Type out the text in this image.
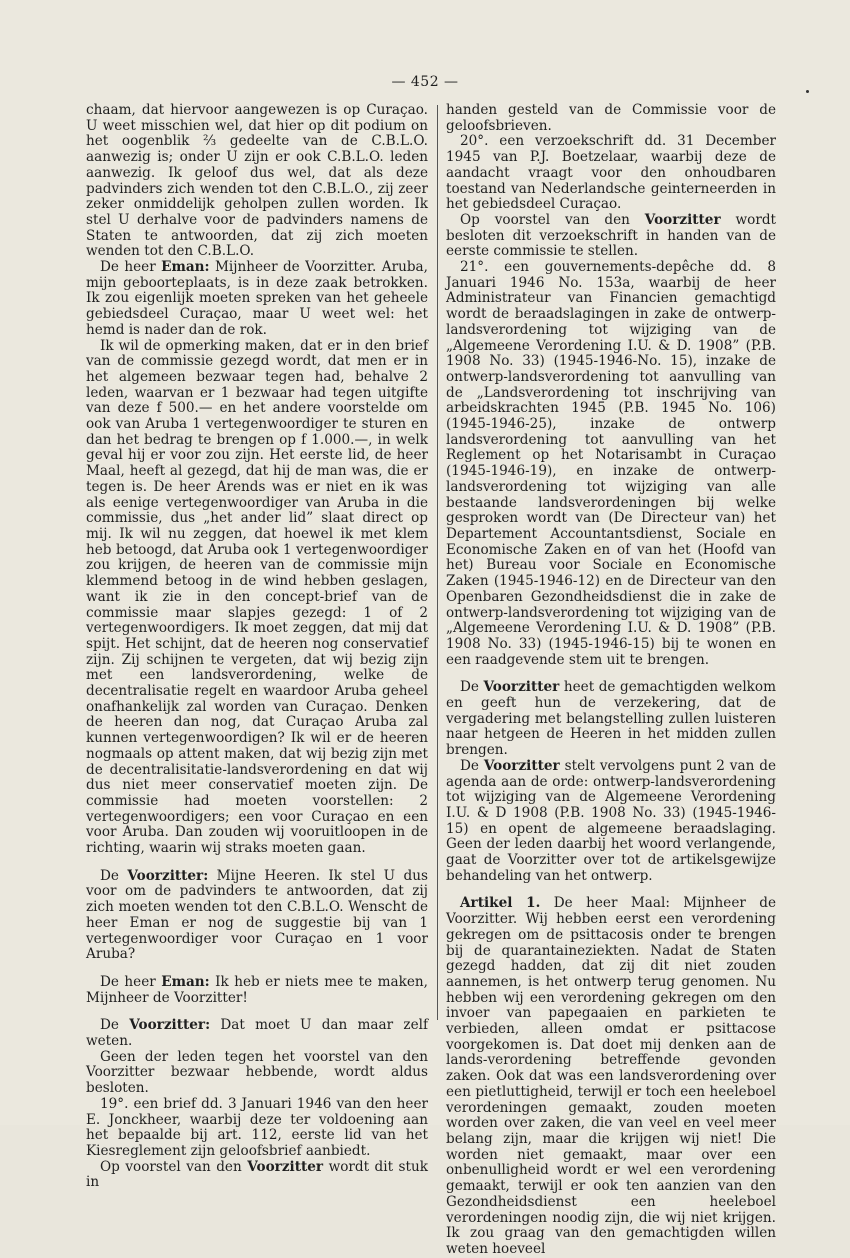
— 452 —

chaam, dat hiervoor aangewezen is op Curaçao. U weet misschien wel, dat hier op dit podium on het oogenblik ⅔ gedeelte van de C.B.L.O. aanwezig is; onder U zijn er ook C.B.L.O. leden aanwezig. Ik geloof dus wel, dat als deze padvinders zich wenden tot den C.B.L.O., zij zeer zeker onmiddelijk geholpen zullen worden. Ik stel U derhalve voor de padvinders namens de Staten te antwoorden, dat zij zich moeten wenden tot den C.B.L.O.

De heer Eman: Mijnheer de Voorzitter. Aruba, mijn geboorteplaats, is in deze zaak betrokken. Ik zou eigenlijk moeten spreken van het geheele gebiedsdeel Curaçao, maar U weet wel: het hemd is nader dan de rok.

Ik wil de opmerking maken, dat er in den brief van de commissie gezegd wordt, dat men er in het algemeen bezwaar tegen had, behalve 2 leden, waarvan er 1 bezwaar had tegen uitgifte van deze f 500.— en het andere voorstelde om ook van Aruba 1 vertegenwoordiger te sturen en dan het bedrag te brengen op f 1.000.—, in welk geval hij er voor zou zijn. Het eerste lid, de heer Maal, heeft al gezegd, dat hij de man was, die er tegen is. De heer Arends was er niet en ik was als eenige vertegenwoordiger van Aruba in die commissie, dus „het ander lid” slaat direct op mij. Ik wil nu zeggen, dat hoewel ik met klem heb betoogd, dat Aruba ook 1 vertegenwoordiger zou krijgen, de heeren van de commissie mijn klemmend betoog in de wind hebben geslagen, want ik zie in den concept-brief van de commissie maar slapjes gezegd: 1 of 2 vertegenwoordigers. Ik moet zeggen, dat mij dat spijt. Het schijnt, dat de heeren nog conservatief zijn. Zij schijnen te vergeten, dat wij bezig zijn met een landsverordening, welke de decentralisatie regelt en waardoor Aruba geheel onafhankelijk zal worden van Curaçao. Denken de heeren dan nog, dat Curaçao Aruba zal kunnen vertegenwoordigen? Ik wil er de heeren nogmaals op attent maken, dat wij bezig zijn met de decentralisitatie-landsverordening en dat wij dus niet meer conservatief moeten zijn. De commissie had moeten voorstellen: 2 vertegenwoordigers; een voor Curaçao en een voor Aruba. Dan zouden wij vooruitloopen in de richting, waarin wij straks moeten gaan.

De Voorzitter: Mijne Heeren. Ik stel U dus voor om de padvinders te antwoorden, dat zij zich moeten wenden tot den C.B.L.O. Wenscht de heer Eman er nog de suggestie bij van 1 vertegenwoordiger voor Curaçao en 1 voor Aruba?

De heer Eman: Ik heb er niets mee te maken, Mijnheer de Voorzitter!

De Voorzitter: Dat moet U dan maar zelf weten.

Geen der leden tegen het voorstel van den Voorzitter bezwaar hebbende, wordt aldus besloten.

19°. een brief dd. 3 Januari 1946 van den heer E. Jonckheer, waarbij deze ter voldoening aan het bepaalde bij art. 112, eerste lid van het Kiesreglement zijn geloofsbrief aanbiedt.

Op voorstel van den Voorzitter wordt dit stuk in

handen gesteld van de Commissie voor de geloofsbrieven.

20°. een verzoekschrift dd. 31 December 1945 van P.J. Boetzelaar, waarbij deze de aandacht vraagt voor den onhoudbaren toestand van Nederlandsche geinterneerden in het gebiedsdeel Curaçao.

Op voorstel van den Voorzitter wordt besloten dit verzoekschrift in handen van de eerste commissie te stellen.

21°. een gouvernements-depêche dd. 8 Januari 1946 No. 153a, waarbij de heer Administrateur van Financien gemachtigd wordt de beraadslagingen in zake de ontwerp-landsverordening tot wijziging van de „Algemeene Verordening I.U. & D. 1908” (P.B. 1908 No. 33) (1945-1946-No. 15), inzake de ontwerp-landsverordening tot aanvulling van de „Landsverordening tot inschrijving van arbeidskrachten 1945 (P.B. 1945 No. 106) (1945-1946-25), inzake de ontwerp landsverordening tot aanvulling van het Reglement op het Notarisambt in Curaçao (1945-1946-19), en inzake de ontwerp-landsverordening tot wijziging van alle bestaande landsverordeningen bij welke gesproken wordt van (De Directeur van) het Departement Accountantsdienst, Sociale en Economische Zaken en of van het (Hoofd van het) Bureau voor Sociale en Economische Zaken (1945-1946-12) en de Directeur van den Openbaren Gezondheidsdienst die in zake de ontwerp-landsverordening tot wijziging van de „Algemeene Verordening I.U. & D. 1908” (P.B. 1908 No. 33) (1945-1946-15) bij te wonen en een raadgevende stem uit te brengen.

De Voorzitter heet de gemachtigden welkom en geeft hun de verzekering, dat de vergadering met belangstelling zullen luisteren naar hetgeen de Heeren in het midden zullen brengen.

De Voorzitter stelt vervolgens punt 2 van de agenda aan de orde: ontwerp-landsverordening tot wijziging van de Algemeene Verordening I.U. & D 1908 (P.B. 1908 No. 33) (1945-1946-15) en opent de algemeene beraadslaging. Geen der leden daarbij het woord verlangende, gaat de Voorzitter over tot de artikelsgewijze behandeling van het ontwerp.

Artikel 1. De heer Maal: Mijnheer de Voorzitter. Wij hebben eerst een verordening gekregen om de psittacosis onder te brengen bij de quarantaineziekten. Nadat de Staten gezegd hadden, dat zij dit niet zouden aannemen, is het ontwerp terug genomen. Nu hebben wij een verordening gekregen om den invoer van papegaaien en parkieten te verbieden, alleen omdat er psittacose voorgekomen is. Dat doet mij denken aan de lands-verordening betreffende gevonden zaken. Ook dat was een landsverordening over een pietluttigheid, terwijl er toch een heeleboel verordeningen gemaakt, zouden moeten worden over zaken, die van veel en veel meer belang zijn, maar die krijgen wij niet! Die worden niet gemaakt, maar over een onbenulligheid wordt er wel een verordening gemaakt, terwijl er ook ten aanzien van den Gezondheidsdienst een heeleboel verordeningen noodig zijn, die wij niet krijgen. Ik zou graag van den gemachtigden willen weten hoeveel
